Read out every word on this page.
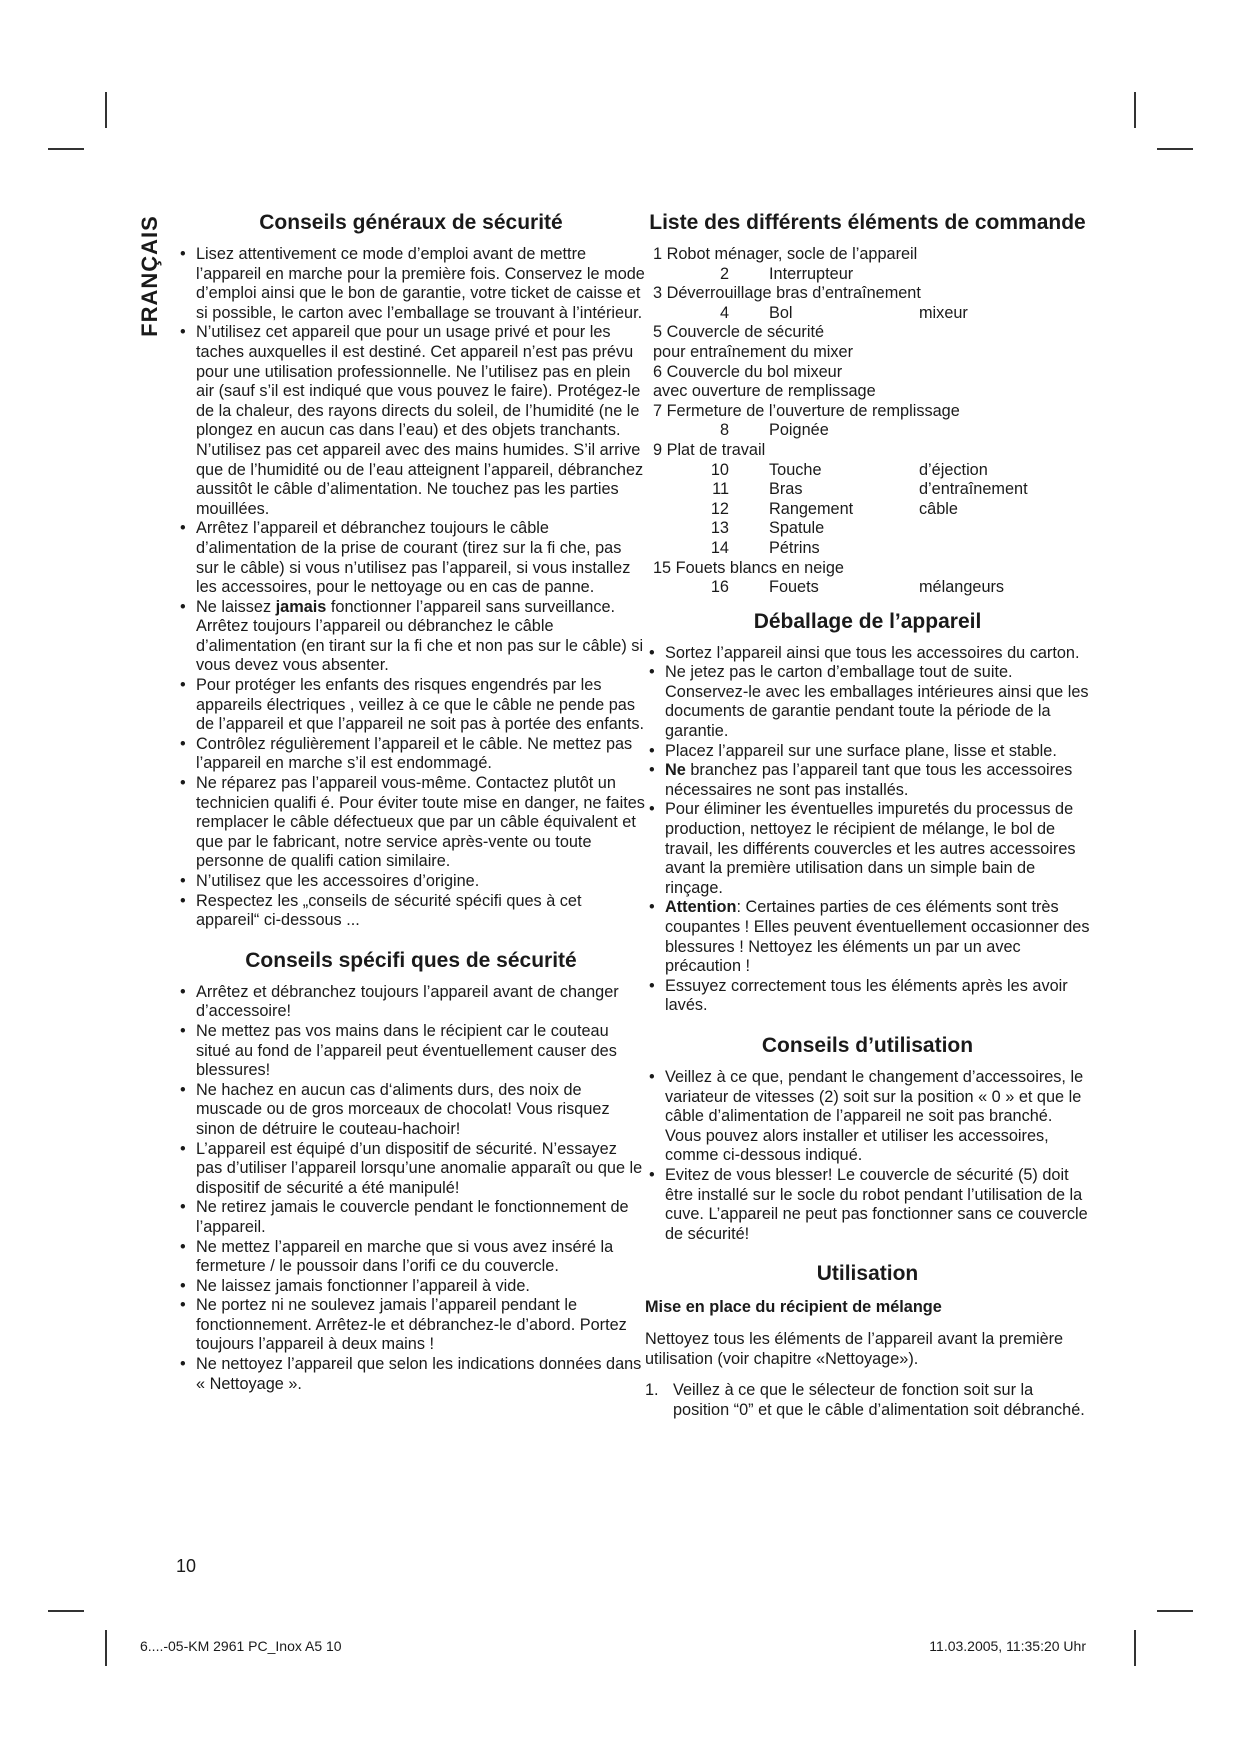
FRANÇAIS	Conseils généraux de sécurité
• Lisez attentivement ce mode d’emploi avant de mettre l’appareil en marche pour la première fois. Conservez le mode d’emploi ainsi que le bon de garantie, votre ticket de caisse et si possible, le carton avec l’emballage se trouvant à l’intérieur.
• N’utilisez cet appareil que pour un usage privé et pour les taches auxquelles il est destiné. Cet appareil n’est pas prévu pour une utilisation professionnelle. Ne l’utilisez pas en plein air (sauf s’il est indiqué que vous pouvez le faire). Protégez-le de la chaleur, des rayons directs du soleil, de l’humidité (ne le plongez en aucun cas dans l’eau) et des objets tranchants. N’utilisez pas cet appareil avec des mains humides. S’il arrive que de l’humidité ou de l’eau atteignent l’appareil, débranchez aussitôt le câble d’alimentation. Ne touchez pas les parties mouillées.
• Arrêtez l’appareil et débranchez toujours le câble d’alimentation de la prise de courant (tirez sur la fi che, pas sur le câble) si vous n’utilisez pas l’appareil, si vous installez les accessoires, pour le nettoyage ou en cas de panne.
• Ne laissez jamais fonctionner l’appareil sans surveillance. Arrêtez toujours l’appareil ou débranchez le câble d’alimentation (en tirant sur la fi che et non pas sur le câble) si vous devez vous absenter.
• Pour protéger les enfants des risques engendrés par les appareils électriques , veillez à ce que le câble ne pende pas de l’appareil et que l’appareil ne soit pas à portée des enfants.
• Contrôlez régulièrement l’appareil et le câble. Ne mettez pas l’appareil en marche s’il est endommagé.
• Ne réparez pas l’appareil vous-même. Contactez plutôt un technicien qualifi é. Pour éviter toute mise en danger, ne faites remplacer le câble défectueux que par un câble équivalent et que par le fabricant, notre service après-vente ou toute personne de qualifi cation similaire.
• N’utilisez que les accessoires d’origine.
• Respectez les „conseils de sécurité spécifi ques à cet appareil“ ci-dessous ...
Conseils spécifi ques de sécurité
• Arrêtez et débranchez toujours l’appareil avant de changer d’accessoire!
• Ne mettez pas vos mains dans le récipient car le couteau situé au fond de l’appareil peut éventuellement causer des blessures!
• Ne hachez en aucun cas d‘aliments durs, des noix de muscade ou de gros morceaux de chocolat! Vous risquez sinon de détruire le couteau-hachoir!
• L’appareil est équipé d’un dispositif de sécurité. N’essayez pas d’utiliser l’appareil lorsqu’une anomalie apparaît ou que le dispositif de sécurité a été manipulé!
• Ne retirez jamais le couvercle pendant le fonctionnement de l’appareil.
• Ne mettez l’appareil en marche que si vous avez inséré la fermeture / le poussoir dans l’orifi ce du couvercle.
• Ne laissez jamais fonctionner l’appareil à vide.
• Ne portez ni ne soulevez jamais l’appareil pendant le fonctionnement. Arrêtez-le et débranchez-le d’abord. Portez toujours l’appareil à deux mains !
• Ne nettoyez l’appareil que selon les indications données dans « Nettoyage ».
Liste des différents éléments de commande
1 Robot ménager, socle de l’appareil
2 Interrupteur
3 Déverrouillage bras d’entraînement
4 Bol	mixeur
5 Couvercle de sécurité
pour entraînement du mixer
6 Couvercle du bol mixeur
avec ouverture de remplissage
7 Fermeture de l’ouverture de remplissage
8 Poignée
9 Plat de travail
10 Touche	d’éjection
11 Bras	d’entraînement
12 Rangement	câble
13 Spatule
14 Pétrins
15 Fouets blancs en neige
16 Fouets	mélangeurs
Déballage de l’appareil
• Sortez l’appareil ainsi que tous les accessoires du carton.
• Ne jetez pas le carton d’emballage tout de suite. Conservez-le avec les emballages intérieures ainsi que les documents de garantie pendant toute la période de la garantie.
• Placez l’appareil sur une surface plane, lisse et stable.
• Ne branchez pas l’appareil tant que tous les accessoires nécessaires ne sont pas installés.
• Pour éliminer les éventuelles impuretés du processus de production, nettoyez le récipient de mélange, le bol de travail, les différents couvercles et les autres accessoires avant la première utilisation dans un simple bain de rinçage.
• Attention: Certaines parties de ces éléments sont très coupantes ! Elles peuvent éventuellement occasionner des blessures ! Nettoyez les éléments un par un avec précaution !
• Essuyez correctement tous les éléments après les avoir lavés.
Conseils d’utilisation
• Veillez à ce que, pendant le changement d’accessoires, le variateur de vitesses (2) soit sur la position « 0 » et que le câble d’alimentation de l’appareil ne soit pas branché. Vous pouvez alors installer et utiliser les accessoires, comme ci-dessous indiqué.
• Evitez de vous blesser! Le couvercle de sécurité (5) doit être installé sur le socle du robot pendant l’utilisation de la cuve. L’appareil ne peut pas fonctionner sans ce couvercle de sécurité!
Utilisation
Mise en place du récipient de mélange

Nettoyez tous les éléments de l’appareil avant la première utilisation (voir chapitre «Nettoyage»).

1. Veillez à ce que le sélecteur de fonction soit sur la position “0” et que le câble d’alimentation soit débranché.
10
6....-05-KM 2961 PC_Inox A5 10	11.03.2005, 11:35:20 Uhr
